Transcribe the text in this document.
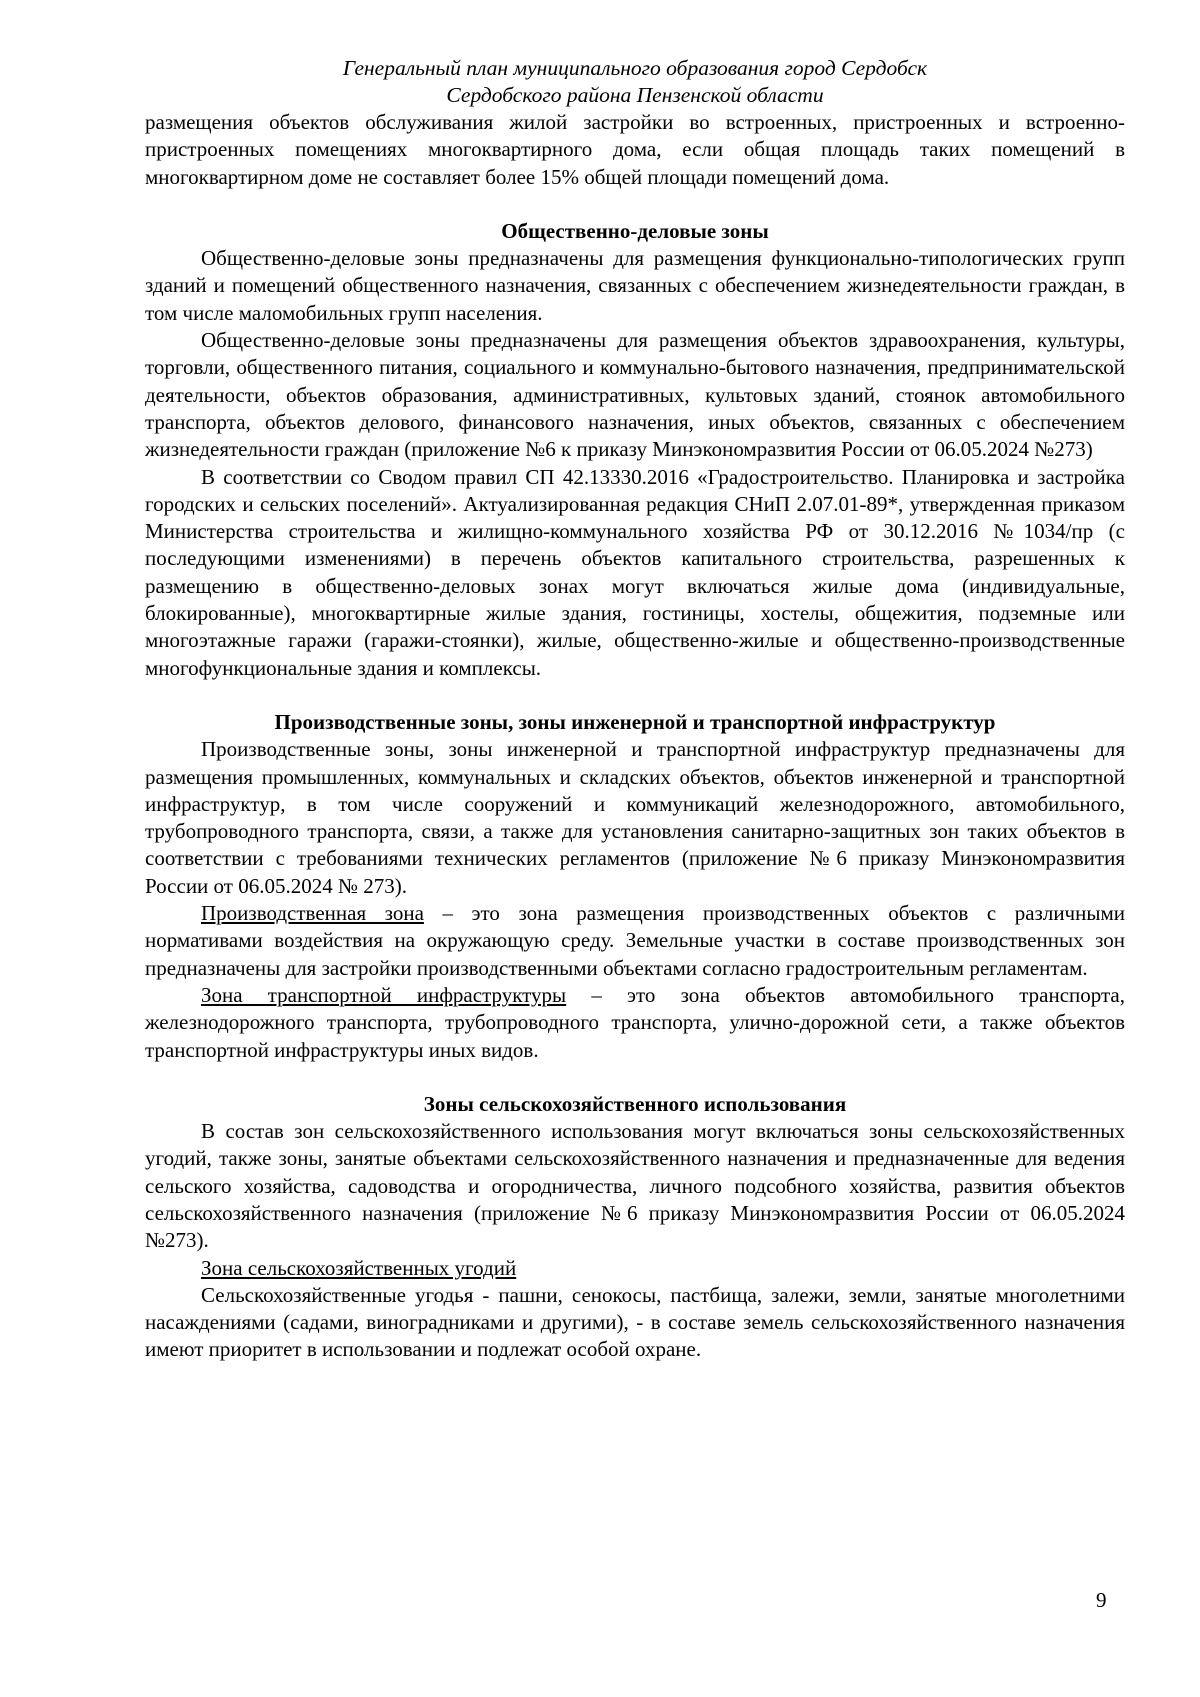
Генеральный план муниципального образования город Сердобск
Сердобского района Пензенской области

размещения объектов обслуживания жилой застройки во встроенных, пристроенных и встроенно-пристроенных помещениях многоквартирного дома, если общая площадь таких помещений в многоквартирном доме не составляет более 15% общей площади помещений дома.

Общественно-деловые зоны

Общественно-деловые зоны предназначены для размещения функционально-типологических групп зданий и помещений общественного назначения, связанных с обеспечением жизнедеятельности граждан, в том числе маломобильных групп населения.

Общественно-деловые зоны предназначены для размещения объектов здравоохранения, культуры, торговли, общественного питания, социального и коммунально-бытового назначения, предпринимательской деятельности, объектов образования, административных, культовых зданий, стоянок автомобильного транспорта, объектов делового, финансового назначения, иных объектов, связанных с обеспечением жизнедеятельности граждан (приложение №6 к приказу Минэкономразвития России от 06.05.2024 №273)

В соответствии со Сводом правил СП 42.13330.2016 «Градостроительство. Планировка и застройка городских и сельских поселений». Актуализированная редакция СНиП 2.07.01-89*, утвержденная приказом Министерства строительства и жилищно-коммунального хозяйства РФ от 30.12.2016 №1034/пр (с последующими изменениями) в перечень объектов капитального строительства, разрешенных к размещению в общественно-деловых зонах могут включаться жилые дома (индивидуальные, блокированные), многоквартирные жилые здания, гостиницы, хостелы, общежития, подземные или многоэтажные гаражи (гаражи-стоянки), жилые, общественно-жилые и общественно-производственные многофункциональные здания и комплексы.

Производственные зоны, зоны инженерной и транспортной инфраструктур

Производственные зоны, зоны инженерной и транспортной инфраструктур предназначены для размещения промышленных, коммунальных и складских объектов, объектов инженерной и транспортной инфраструктур, в том числе сооружений и коммуникаций железнодорожного, автомобильного, трубопроводного транспорта, связи, а также для установления санитарно-защитных зон таких объектов в соответствии с требованиями технических регламентов (приложение №6 приказу Минэкономразвития России от 06.05.2024 № 273).

Производственная зона – это зона размещения производственных объектов с различными нормативами воздействия на окружающую среду. Земельные участки в составе производственных зон предназначены для застройки производственными объектами согласно градостроительным регламентам.

Зона транспортной инфраструктуры – это зона объектов автомобильного транспорта, железнодорожного транспорта, трубопроводного транспорта, улично-дорожной сети, а также объектов транспортной инфраструктуры иных видов.

Зоны сельскохозяйственного использования

В состав зон сельскохозяйственного использования могут включаться зоны сельскохозяйственных угодий, также зоны, занятые объектами сельскохозяйственного назначения и предназначенные для ведения сельского хозяйства, садоводства и огородничества, личного подсобного хозяйства, развития объектов сельскохозяйственного назначения (приложение №6 приказу Минэкономразвития России от 06.05.2024 №273).

Зона сельскохозяйственных угодий

Сельскохозяйственные угодья - пашни, сенокосы, пастбища, залежи, земли, занятые многолетними насаждениями (садами, виноградниками и другими), - в составе земель сельскохозяйственного назначения имеют приоритет в использовании и подлежат особой охране.

9
